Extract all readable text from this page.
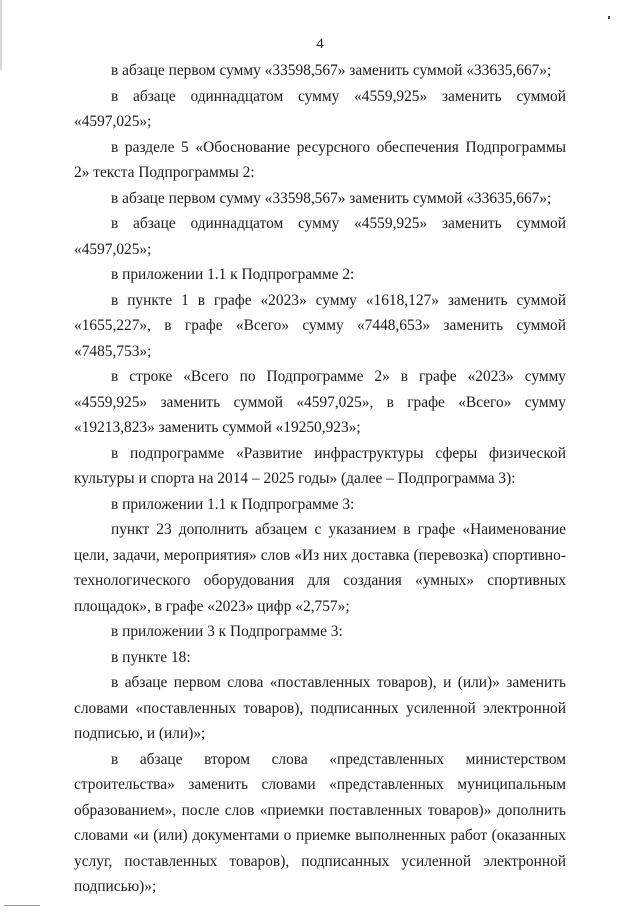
4

в абзаце первом сумму «33598,567» заменить суммой «33635,667»;

в абзаце одиннадцатом сумму «4559,925» заменить суммой «4597,025»;

в разделе 5 «Обоснование ресурсного обеспечения Подпрограммы 2» текста Подпрограммы 2:

в абзаце первом сумму «33598,567» заменить суммой «33635,667»;

в абзаце одиннадцатом сумму «4559,925» заменить суммой «4597,025»;

в приложении 1.1 к Подпрограмме 2:

в пункте 1 в графе «2023» сумму «1618,127» заменить суммой «1655,227», в графе «Всего» сумму «7448,653» заменить суммой «7485,753»;

в строке «Всего по Подпрограмме 2» в графе «2023» сумму «4559,925» заменить суммой «4597,025», в графе «Всего» сумму «19213,823» заменить суммой «19250,923»;

в подпрограмме «Развитие инфраструктуры сферы физической культуры и спорта на 2014 – 2025 годы» (далее – Подпрограмма 3):

в приложении 1.1 к Подпрограмме 3:

пункт 23 дополнить абзацем с указанием в графе «Наименование цели, задачи, мероприятия» слов «Из них доставка (перевозка) спортивно-технологического оборудования для создания «умных» спортивных площадок», в графе «2023» цифр «2,757»;

в приложении 3 к Подпрограмме 3:

в пункте 18:

в абзаце первом слова «поставленных товаров), и (или)» заменить словами «поставленных товаров), подписанных усиленной электронной подписью, и (или)»;

в абзаце втором слова «представленных министерством строительства» заменить словами «представленных муниципальным образованием», после слов «приемки поставленных товаров)» дополнить словами «и (или) документами о приемке выполненных работ (оказанных услуг, поставленных товаров), подписанных усиленной электронной подписью)»;
